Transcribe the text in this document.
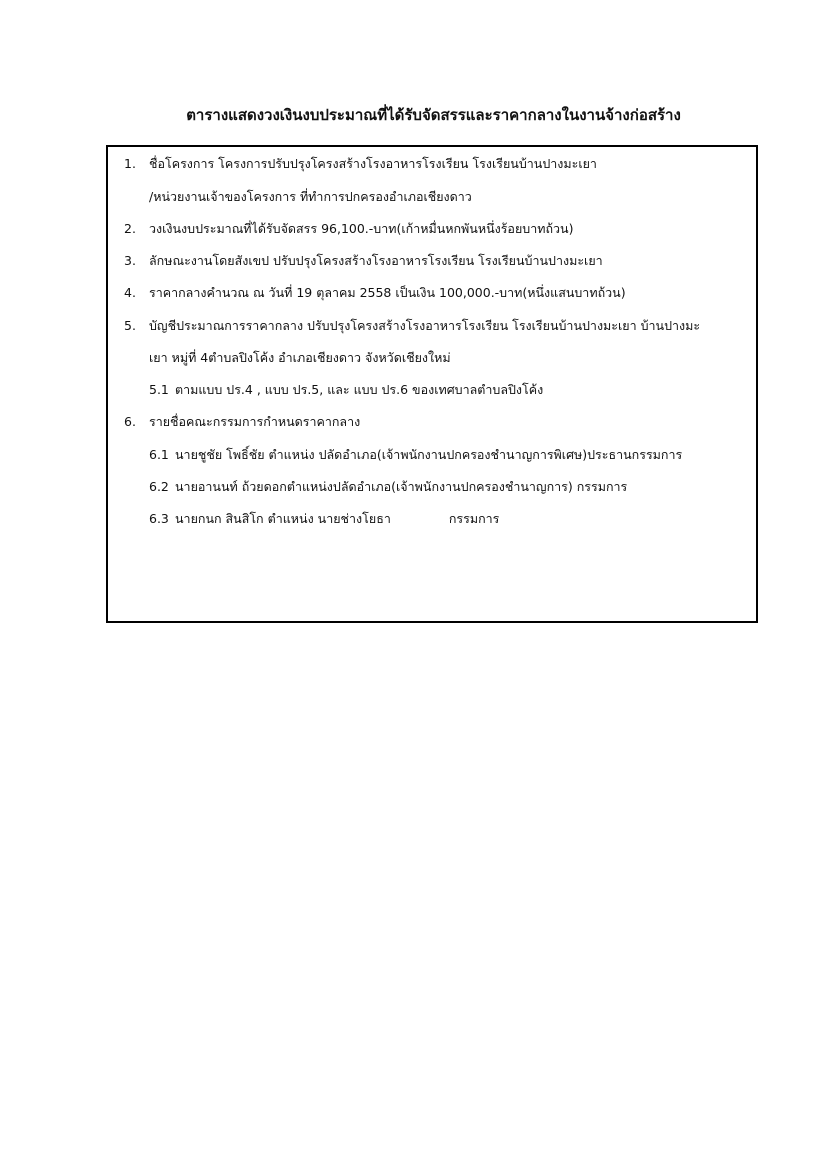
ตารางแสดงวงเงินงบประมาณที่ได้รับจัดสรรและราคากลางในงานจ้างก่อสร้าง
1. ชื่อโครงการ โครงการปรับปรุงโครงสร้างโรงอาหารโรงเรียน โรงเรียนบ้านปางมะเยา
/หน่วยงานเจ้าของโครงการ ที่ทำการปกครองอำเภอเชียงดาว
2. วงเงินงบประมาณที่ได้รับจัดสรร 96,100.-บาท(เก้าหมื่นหกพันหนึ่งร้อยบาทถ้วน)
3. ลักษณะงานโดยสังเขป ปรับปรุงโครงสร้างโรงอาหารโรงเรียน โรงเรียนบ้านปางมะเยา
4. ราคากลางคำนวณ ณ วันที่ 19 ตุลาคม 2558 เป็นเงิน 100,000.-บาท(หนึ่งแสนบาทถ้วน)
5. บัญชีประมาณการราคากลาง ปรับปรุงโครงสร้างโรงอาหารโรงเรียน โรงเรียนบ้านปางมะเยา บ้านปางมะ
เยา หมู่ที่ 4ตำบลปิงโค้ง อำเภอเชียงดาว จังหวัดเชียงใหม่
5.1 ตามแบบ ปร.4 , แบบ ปร.5, และ แบบ ปร.6 ของเทศบาลตำบลปิงโค้ง
6. รายชื่อคณะกรรมการกำหนดราคากลาง
6.1 นายชูชัย โพธิ์ชัย ตำแหน่ง ปลัดอำเภอ(เจ้าพนักงานปกครองชำนาญการพิเศษ)ประธานกรรมการ
6.2 นายอานนท์ ถ้วยดอกตำแหน่งปลัดอำเภอ(เจ้าพนักงานปกครองชำนาญการ) กรรมการ
6.3 นายกนก สินสิโก ตำแหน่ง นายช่างโยธา	กรรมการ
